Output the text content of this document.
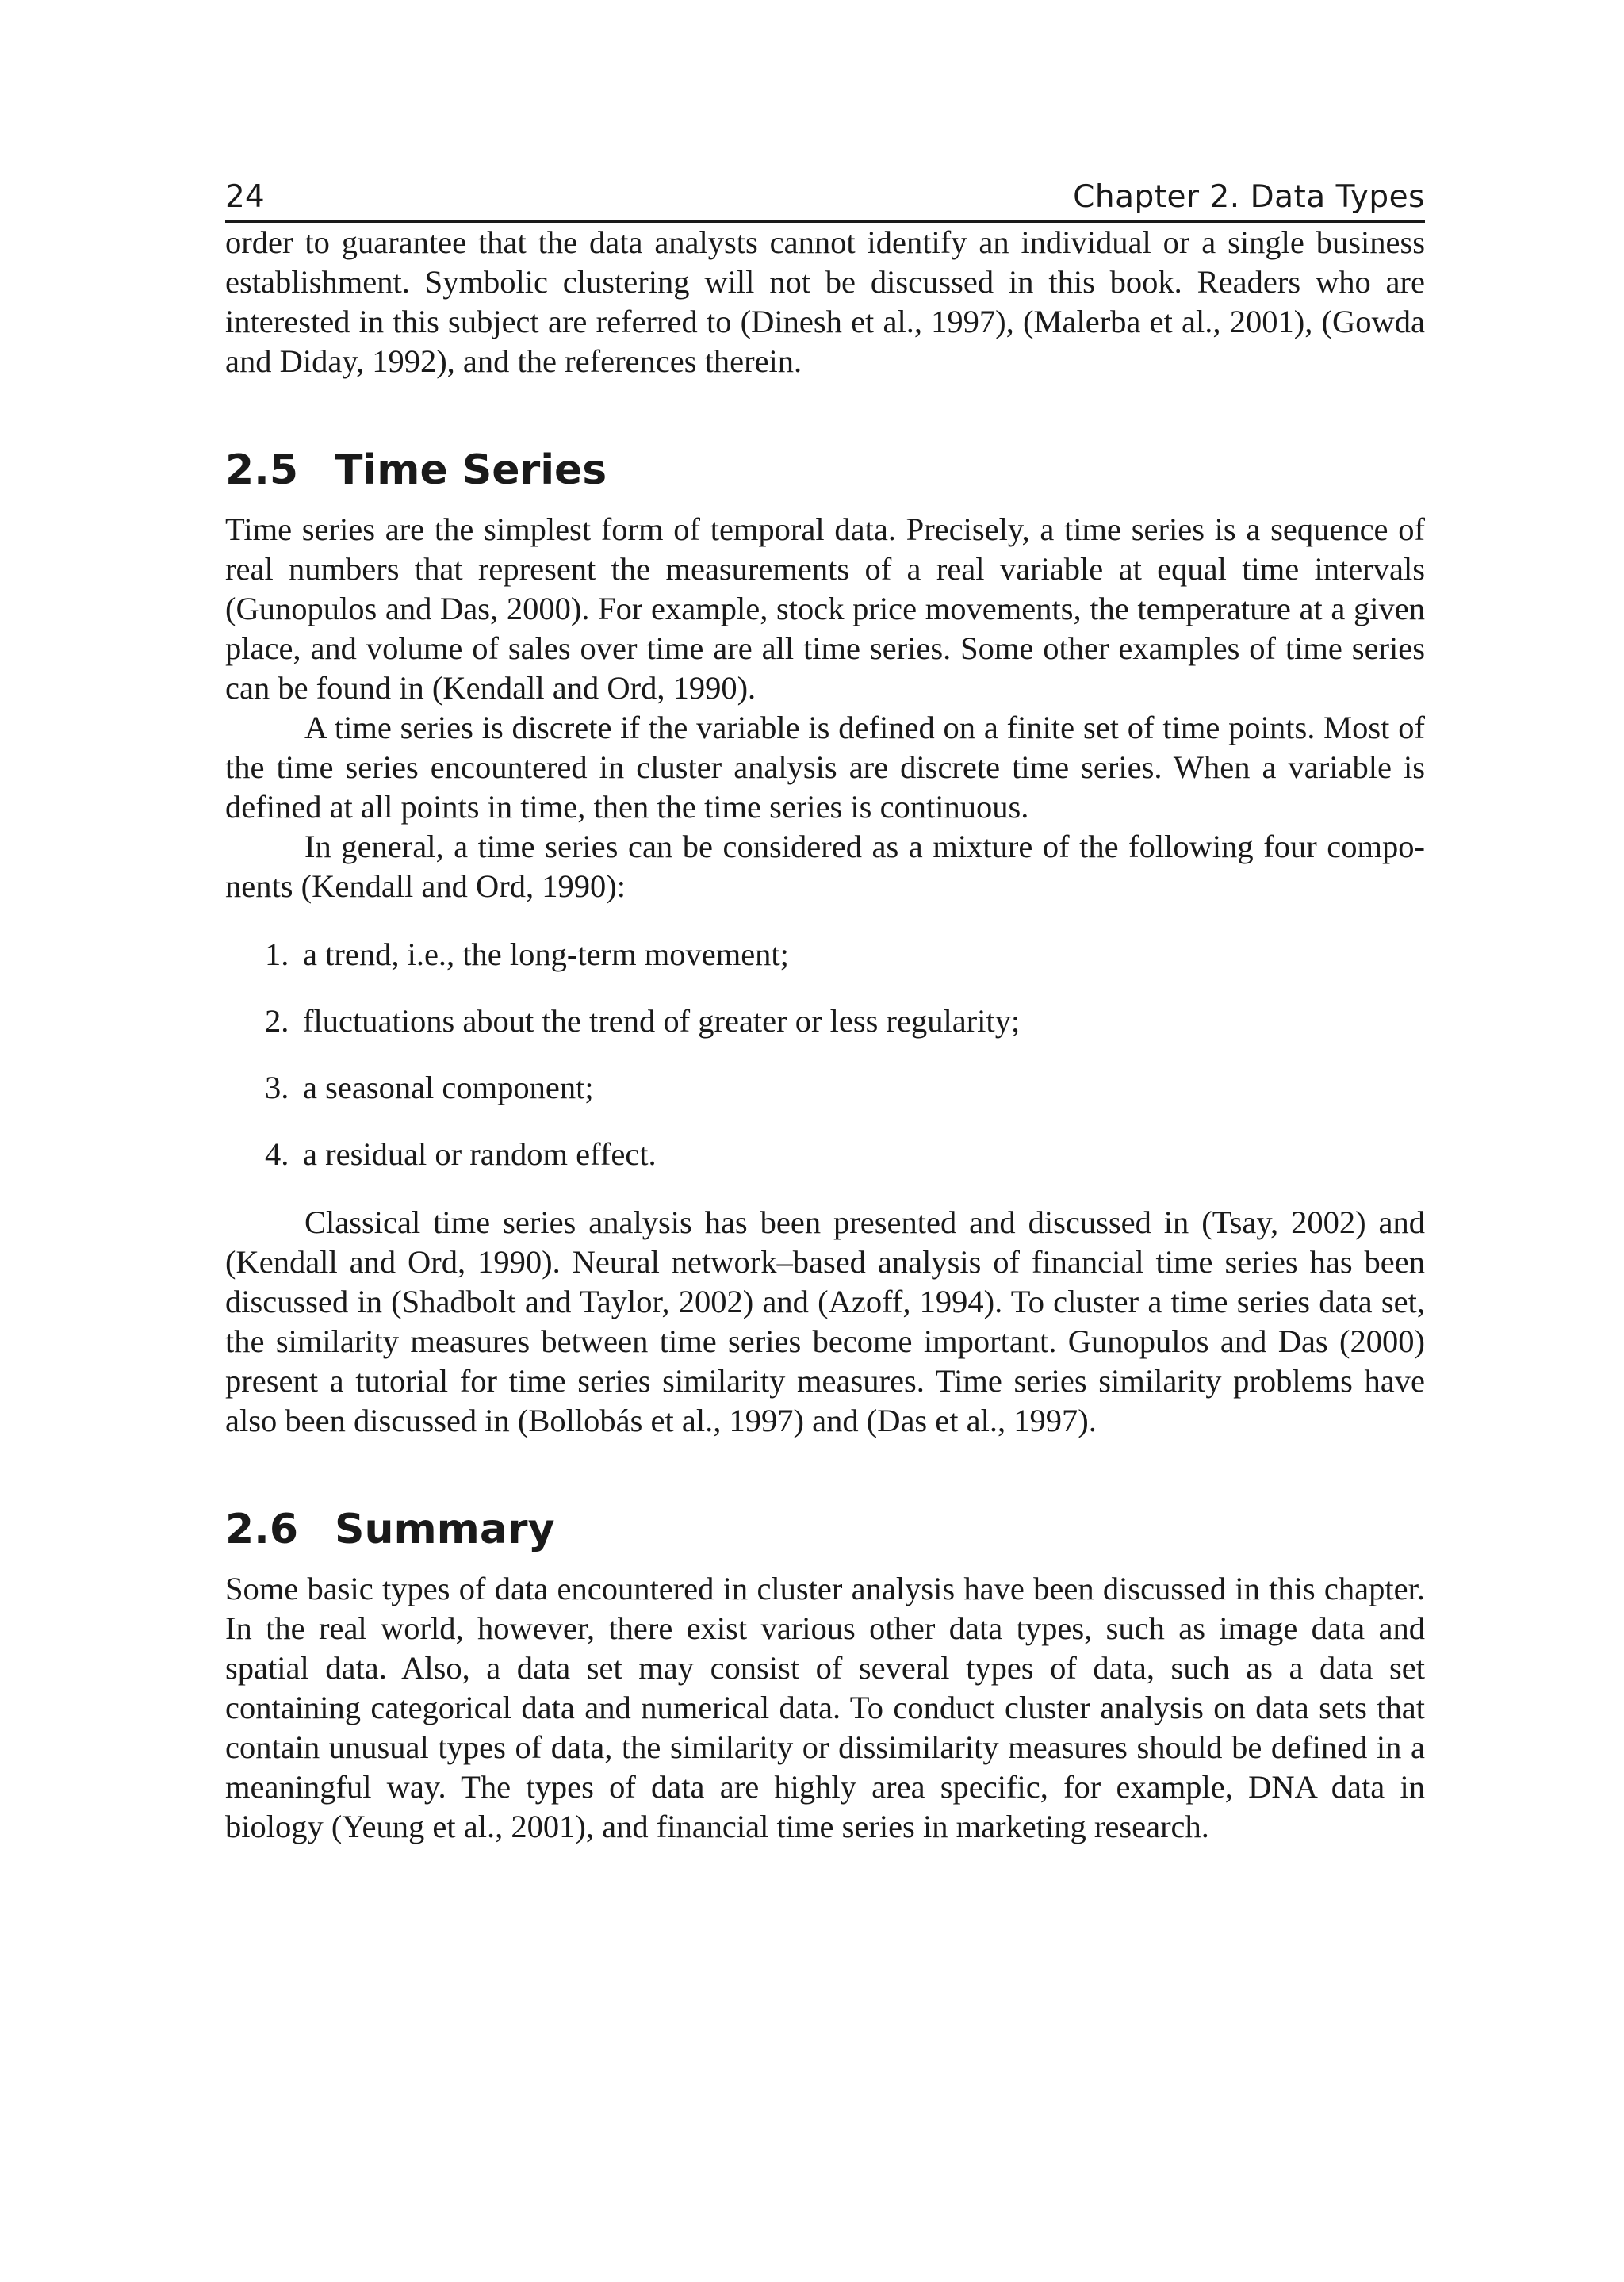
24	Chapter 2. Data Types

order to guarantee that the data analysts cannot identify an individual or a single business establishment. Symbolic clustering will not be discussed in this book. Readers who are interested in this subject are referred to (Dinesh et al., 1997), (Malerba et al., 2001), (Gowda and Diday, 1992), and the references therein.

2.5 Time Series

Time series are the simplest form of temporal data. Precisely, a time series is a sequence of real numbers that represent the measurements of a real variable at equal time intervals (Gunopulos and Das, 2000). For example, stock price movements, the temperature at a given place, and volume of sales over time are all time series. Some other examples of time series can be found in (Kendall and Ord, 1990).

A time series is discrete if the variable is defined on a finite set of time points. Most of the time series encountered in cluster analysis are discrete time series. When a variable is defined at all points in time, then the time series is continuous.

In general, a time series can be considered as a mixture of the following four components (Kendall and Ord, 1990):

1. a trend, i.e., the long-term movement;
2. fluctuations about the trend of greater or less regularity;
3. a seasonal component;
4. a residual or random effect.

Classical time series analysis has been presented and discussed in (Tsay, 2002) and (Kendall and Ord, 1990). Neural network–based analysis of financial time series has been discussed in (Shadbolt and Taylor, 2002) and (Azoff, 1994). To cluster a time series data set, the similarity measures between time series become important. Gunopulos and Das (2000) present a tutorial for time series similarity measures. Time series similarity problems have also been discussed in (Bollobás et al., 1997) and (Das et al., 1997).

2.6 Summary

Some basic types of data encountered in cluster analysis have been discussed in this chapter. In the real world, however, there exist various other data types, such as image data and spatial data. Also, a data set may consist of several types of data, such as a data set containing categorical data and numerical data. To conduct cluster analysis on data sets that contain unusual types of data, the similarity or dissimilarity measures should be defined in a meaningful way. The types of data are highly area specific, for example, DNA data in biology (Yeung et al., 2001), and financial time series in marketing research.
